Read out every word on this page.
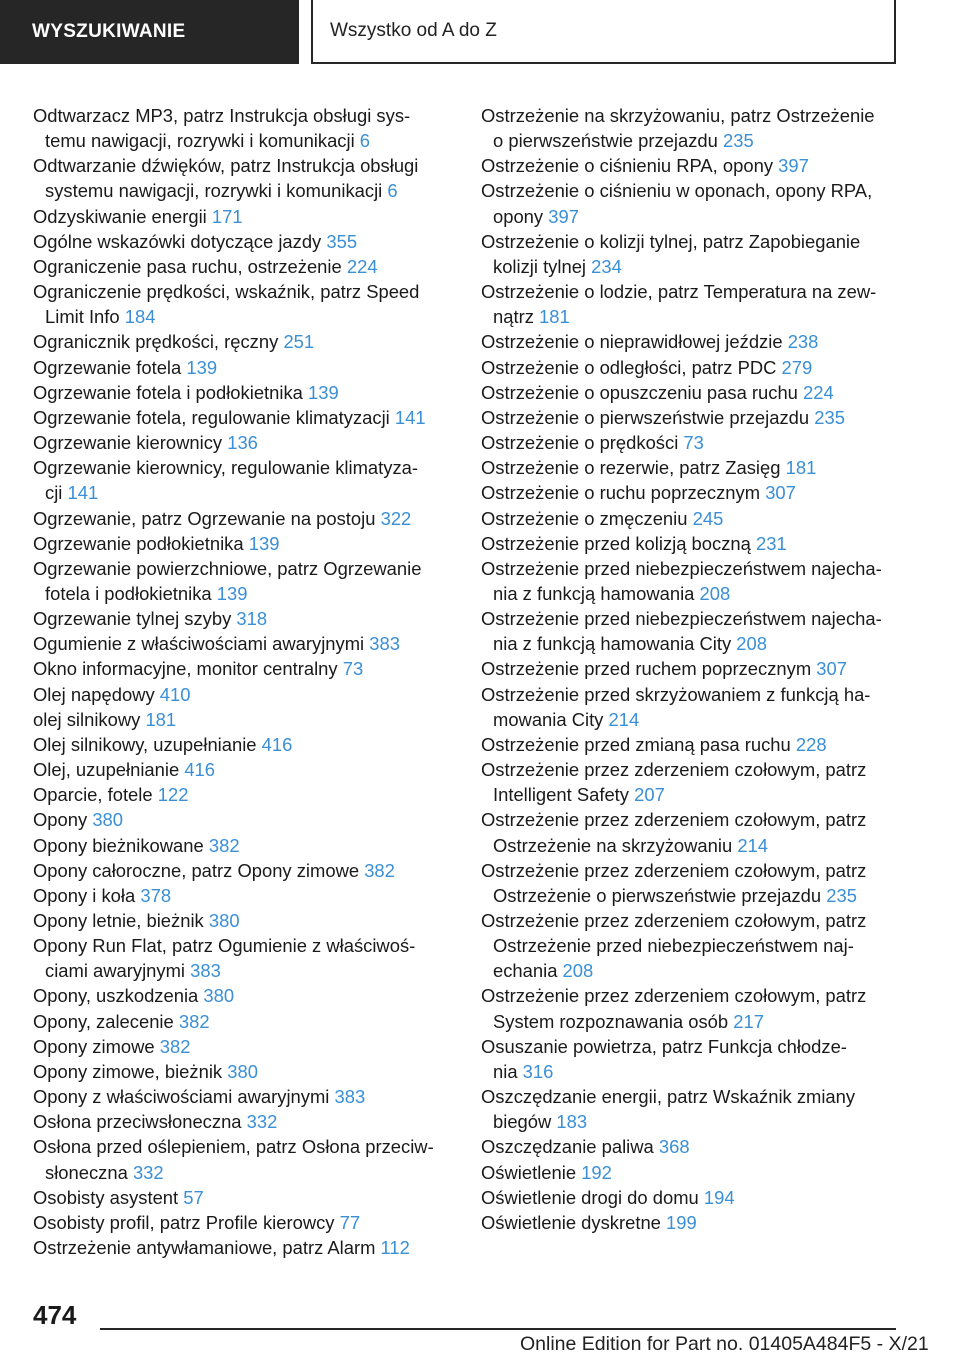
WYSZUKIWANIE	Wszystko od A do Z
Odtwarzacz MP3, patrz Instrukcja obsługi sys-
temu nawigacji, rozrywki i komunikacji 6
Odtwarzanie dźwięków, patrz Instrukcja obsługi
systemu nawigacji, rozrywki i komunikacji 6
Odzyskiwanie energii 171
Ogólne wskazówki dotyczące jazdy 355
Ograniczenie pasa ruchu, ostrzeżenie 224
Ograniczenie prędkości, wskaźnik, patrz Speed
Limit Info 184
Ogranicznik prędkości, ręczny 251
Ogrzewanie fotela 139
Ogrzewanie fotela i podłokietnika 139
Ogrzewanie fotela, regulowanie klimatyzacji 141
Ogrzewanie kierownicy 136
Ogrzewanie kierownicy, regulowanie klimatyza-
cji 141
Ogrzewanie, patrz Ogrzewanie na postoju 322
Ogrzewanie podłokietnika 139
Ogrzewanie powierzchniowe, patrz Ogrzewanie
fotela i podłokietnika 139
Ogrzewanie tylnej szyby 318
Ogumienie z właściwościami awaryjnymi 383
Okno informacyjne, monitor centralny 73
Olej napędowy 410
olej silnikowy 181
Olej silnikowy, uzupełnianie 416
Olej, uzupełnianie 416
Oparcie, fotele 122
Opony 380
Opony bieżnikowane 382
Opony całoroczne, patrz Opony zimowe 382
Opony i koła 378
Opony letnie, bieżnik 380
Opony Run Flat, patrz Ogumienie z właściwoś-
ciami awaryjnymi 383
Opony, uszkodzenia 380
Opony, zalecenie 382
Opony zimowe 382
Opony zimowe, bieżnik 380
Opony z właściwościami awaryjnymi 383
Osłona przeciwsłoneczna 332
Osłona przed oślepieniem, patrz Osłona przeciw-
słoneczna 332
Osobisty asystent 57
Osobisty profil, patrz Profile kierowcy 77
Ostrzeżenie antywłamaniowe, patrz Alarm 112
Ostrzeżenie na skrzyżowaniu, patrz Ostrzeżenie
o pierwszeństwie przejazdu 235
Ostrzeżenie o ciśnieniu RPA, opony 397
Ostrzeżenie o ciśnieniu w oponach, opony RPA,
opony 397
Ostrzeżenie o kolizji tylnej, patrz Zapobieganie
kolizji tylnej 234
Ostrzeżenie o lodzie, patrz Temperatura na zew-
nątrz 181
Ostrzeżenie o nieprawidłowej jeździe 238
Ostrzeżenie o odległości, patrz PDC 279
Ostrzeżenie o opuszczeniu pasa ruchu 224
Ostrzeżenie o pierwszeństwie przejazdu 235
Ostrzeżenie o prędkości 73
Ostrzeżenie o rezerwie, patrz Zasięg 181
Ostrzeżenie o ruchu poprzecznym 307
Ostrzeżenie o zmęczeniu 245
Ostrzeżenie przed kolizją boczną 231
Ostrzeżenie przed niebezpieczeństwem najecha-
nia z funkcją hamowania 208
Ostrzeżenie przed niebezpieczeństwem najecha-
nia z funkcją hamowania City 208
Ostrzeżenie przed ruchem poprzecznym 307
Ostrzeżenie przed skrzyżowaniem z funkcją ha-
mowania City 214
Ostrzeżenie przed zmianą pasa ruchu 228
Ostrzeżenie przez zderzeniem czołowym, patrz
Intelligent Safety 207
Ostrzeżenie przez zderzeniem czołowym, patrz
Ostrzeżenie na skrzyżowaniu 214
Ostrzeżenie przez zderzeniem czołowym, patrz
Ostrzeżenie o pierwszeństwie przejazdu 235
Ostrzeżenie przez zderzeniem czołowym, patrz
Ostrzeżenie przed niebezpieczeństwem naj-
echania 208
Ostrzeżenie przez zderzeniem czołowym, patrz
System rozpoznawania osób 217
Osuszanie powietrza, patrz Funkcja chłodze-
nia 316
Oszczędzanie energii, patrz Wskaźnik zmiany
biegów 183
Oszczędzanie paliwa 368
Oświetlenie 192
Oświetlenie drogi do domu 194
Oświetlenie dyskretne 199
474
Online Edition for Part no. 01405A484F5 - X/21
